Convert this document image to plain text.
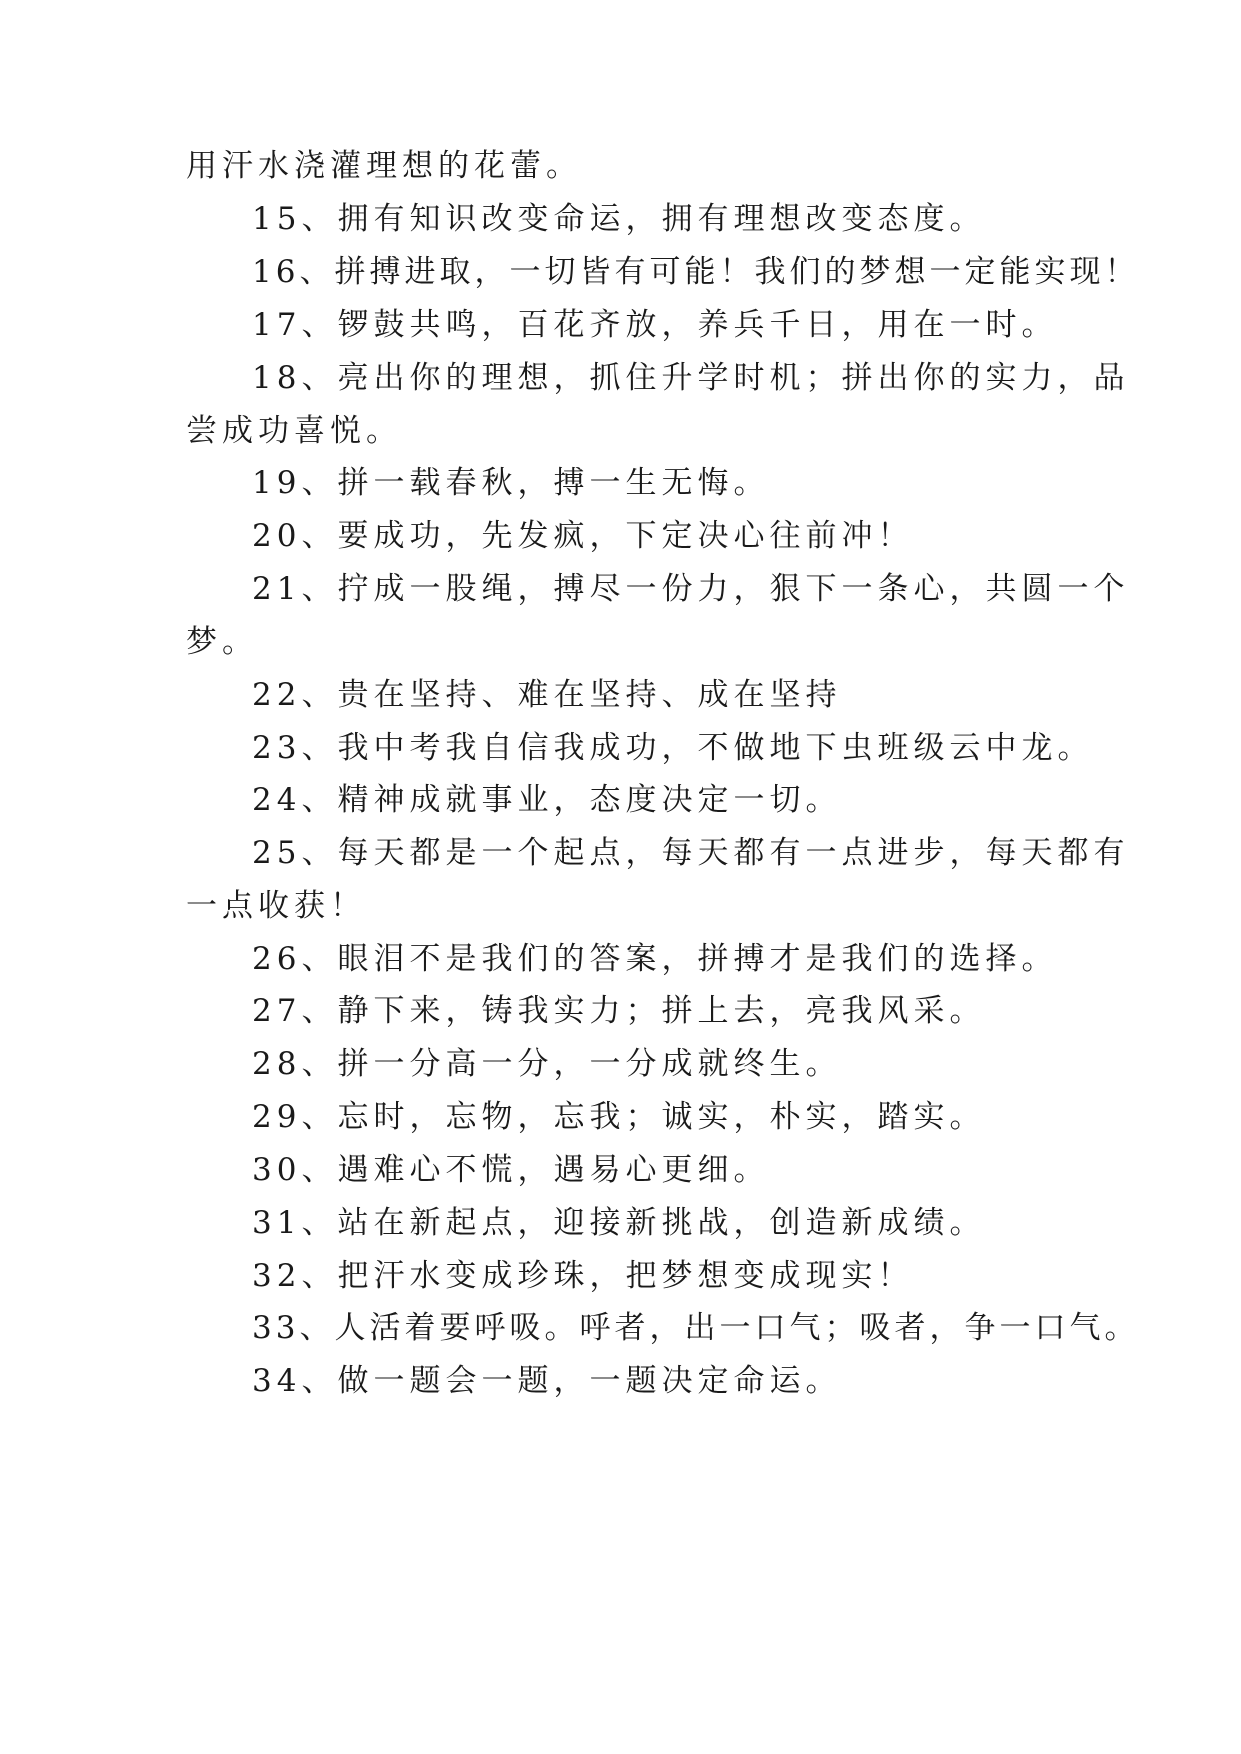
用汗水浇灌理想的花蕾。
15、拥有知识改变命运，拥有理想改变态度。
16、拼搏进取，一切皆有可能！我们的梦想一定能实现！
17、锣鼓共鸣，百花齐放，养兵千日，用在一时。
18、亮出你的理想，抓住升学时机；拼出你的实力，品
尝成功喜悦。
19、拼一载春秋，搏一生无悔。
20、要成功，先发疯，下定决心往前冲！
21、拧成一股绳，搏尽一份力，狠下一条心，共圆一个
梦。
22、贵在坚持、难在坚持、成在坚持
23、我中考我自信我成功，不做地下虫班级云中龙。
24、精神成就事业，态度决定一切。
25、每天都是一个起点，每天都有一点进步，每天都有
一点收获！
26、眼泪不是我们的答案，拼搏才是我们的选择。
27、静下来，铸我实力；拼上去，亮我风采。
28、拼一分高一分，一分成就终生。
29、忘时，忘物，忘我；诚实，朴实，踏实。
30、遇难心不慌，遇易心更细。
31、站在新起点，迎接新挑战，创造新成绩。
32、把汗水变成珍珠，把梦想变成现实！
33、人活着要呼吸。呼者，出一口气；吸者，争一口气。
34、做一题会一题，一题决定命运。
